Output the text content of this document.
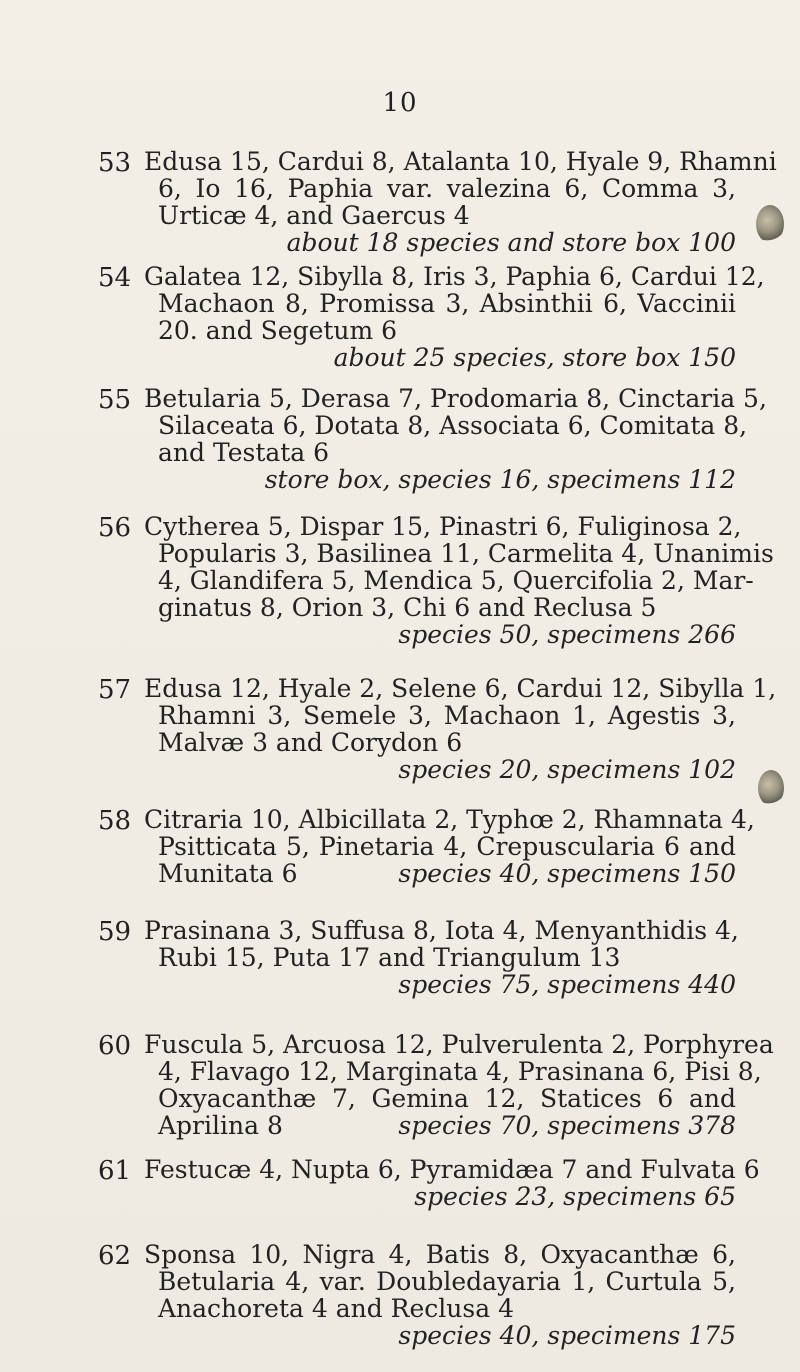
10
53 Edusa 15, Cardui 8, Atalanta 10, Hyale 9, Rhamni
6, Io 16, Paphia var. valezina 6, Comma 3,
Urticæ 4, and Gaercus 4
about 18 species and store box 100
54 Galatea 12, Sibylla 8, Iris 3, Paphia 6, Cardui 12,
Machaon 8, Promissa 3, Absinthii 6, Vaccinii
20. and Segetum 6
about 25 species, store box 150
55 Betularia 5, Derasa 7, Prodomaria 8, Cinctaria 5,
Silaceata 6, Dotata 8, Associata 6, Comitata 8,
and Testata 6
store box, species 16, specimens 112
56 Cytherea 5, Dispar 15, Pinastri 6, Fuliginosa 2,
Popularis 3, Basilinea 11, Carmelita 4, Unanimis
4, Glandifera 5, Mendica 5, Quercifolia 2, Mar-
ginatus 8, Orion 3, Chi 6 and Reclusa 5
species 50, specimens 266
57 Edusa 12, Hyale 2, Selene 6, Cardui 12, Sibylla 1,
Rhamni 3, Semele 3, Machaon 1, Agestis 3,
Malvæ 3 and Corydon 6
species 20, specimens 102
58 Citraria 10, Albicillata 2, Typhœ 2, Rhamnata 4,
Psitticata 5, Pinetaria 4, Crepuscularia 6 and
Munitata 6	species 40, specimens 150
59 Prasinana 3, Suffusa 8, Iota 4, Menyanthidis 4,
Rubi 15, Puta 17 and Triangulum 13
species 75, specimens 440
60 Fuscula 5, Arcuosa 12, Pulverulenta 2, Porphyrea
4, Flavago 12, Marginata 4, Prasinana 6, Pisi 8,
Oxyacanthæ 7, Gemina 12, Statices 6 and
Aprilina 8	species 70, specimens 378
61 Festucæ 4, Nupta 6, Pyramidæa 7 and Fulvata 6
species 23, specimens 65
62 Sponsa 10, Nigra 4, Batis 8, Oxyacanthæ 6,
Betularia 4, var. Doubledayaria 1, Curtula 5,
Anachoreta 4 and Reclusa 4
species 40, specimens 175
